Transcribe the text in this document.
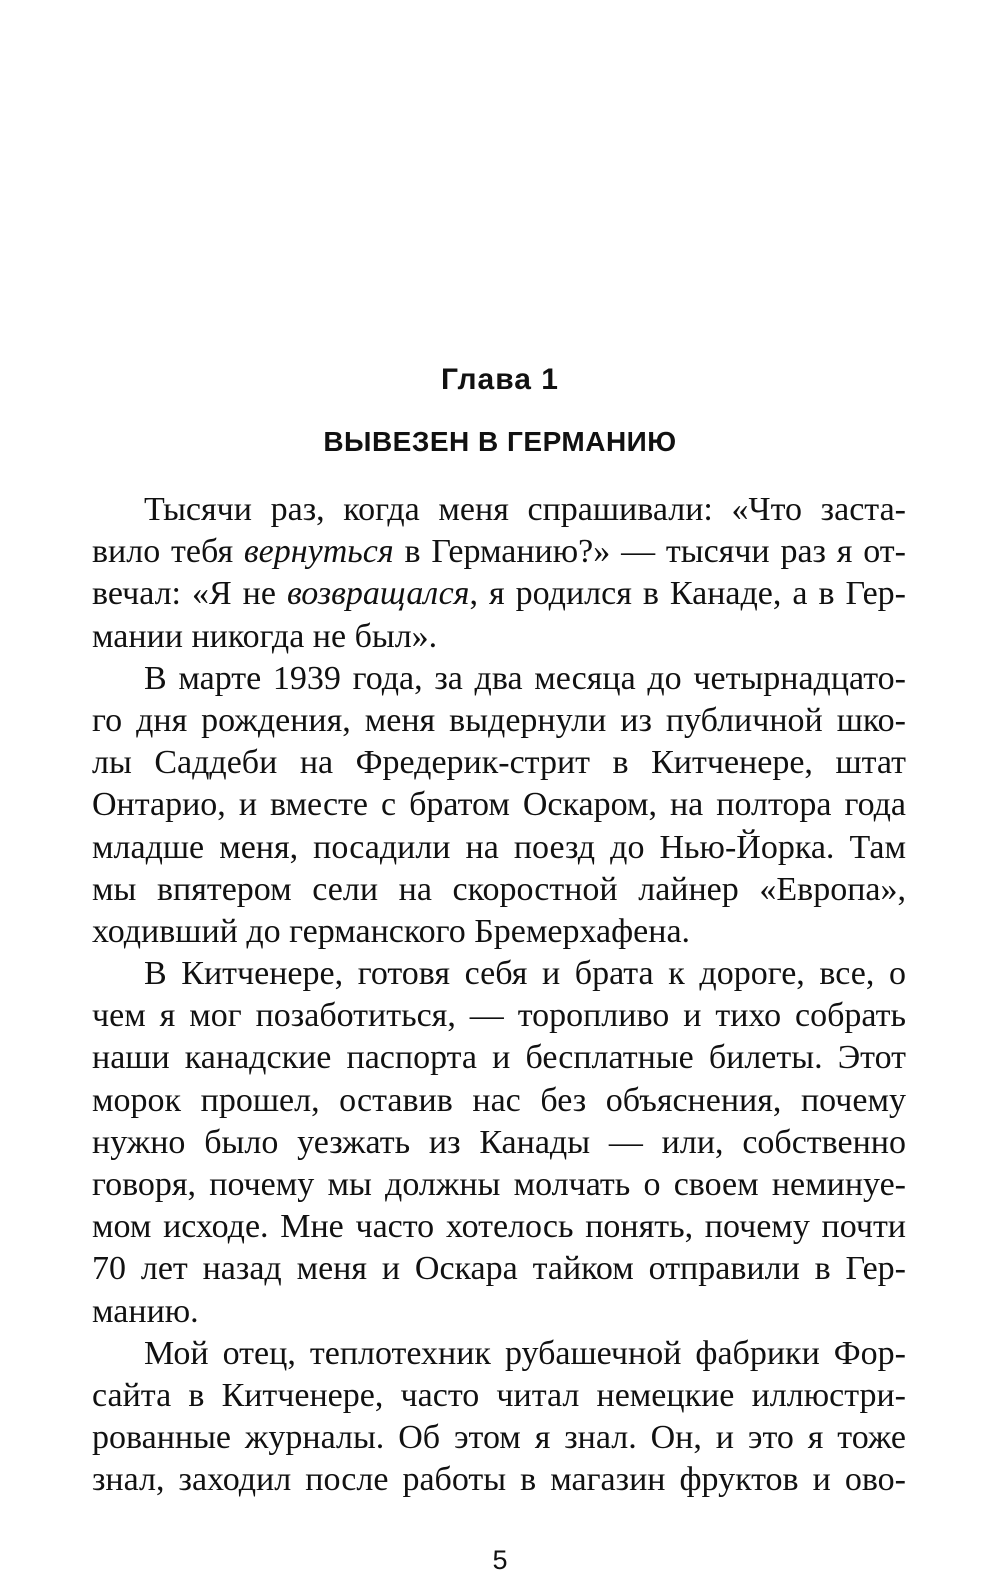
Глава 1
ВЫВЕЗЕН В ГЕРМАНИЮ
Тысячи раз, когда меня спрашивали: «Что заста-
вило тебя вернуться в Германию?» — тысячи раз я от-
вечал: «Я не возвращался, я родился в Канаде, а в Гер-
мании никогда не был».
В марте 1939 года, за два месяца до четырнадцато-
го дня рождения, меня выдернули из публичной шко-
лы Саддеби на Фредерик-стрит в Китченере, штат
Онтарио, и вместе с братом Оскаром, на полтора года
младше меня, посадили на поезд до Нью-Йорка. Там
мы впятером сели на скоростной лайнер «Европа»,
ходивший до германского Бремерхафена.
В Китченере, готовя себя и брата к дороге, все, о
чем я мог позаботиться, — торопливо и тихо собрать
наши канадские паспорта и бесплатные билеты. Этот
морок прошел, оставив нас без объяснения, почему
нужно было уезжать из Канады — или, собственно
говоря, почему мы должны молчать о своем неминуе-
мом исходе. Мне часто хотелось понять, почему почти
70 лет назад меня и Оскара тайком отправили в Гер-
манию.
Мой отец, теплотехник рубашечной фабрики Фор-
сайта в Китченере, часто читал немецкие иллюстри-
рованные журналы. Об этом я знал. Он, и это я тоже
знал, заходил после работы в магазин фруктов и ово-
5
